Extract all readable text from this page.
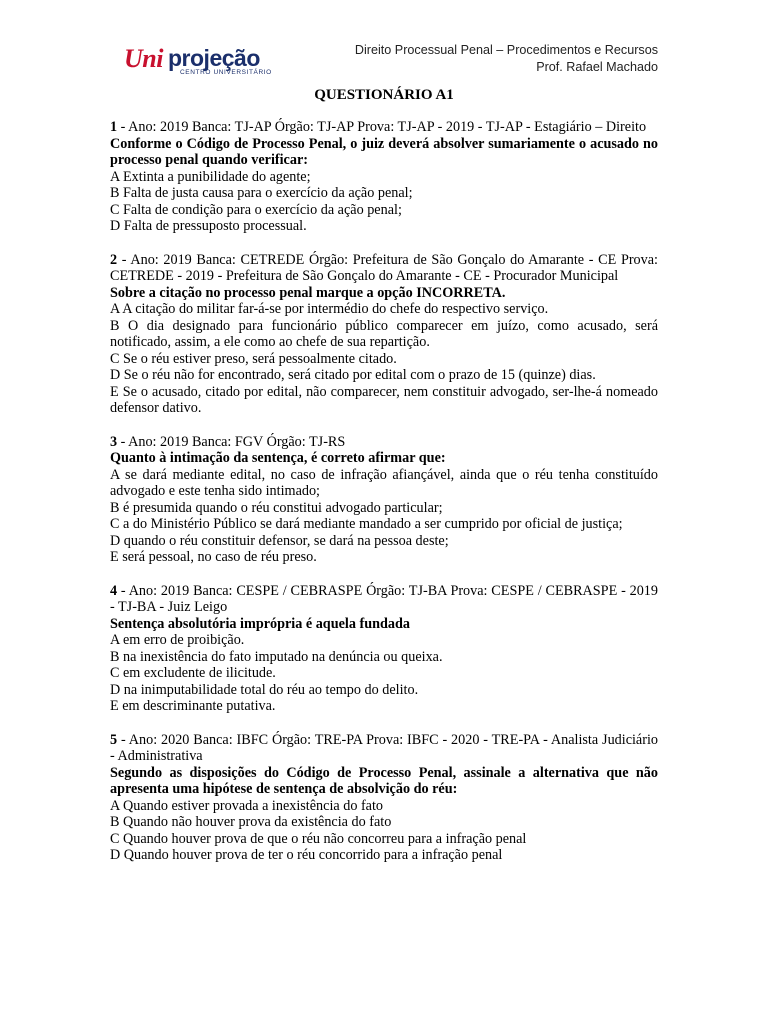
Uni projeção
CENTRO UNIVERSITÁRIO
Direito Processual Penal – Procedimentos e Recursos
Prof. Rafael Machado
QUESTIONÁRIO A1

1 - Ano: 2019 Banca: TJ-AP Órgão: TJ-AP Prova: TJ-AP - 2019 - TJ-AP - Estagiário – Direito

Conforme o Código de Processo Penal, o juiz deverá absolver sumariamente o acusado no processo penal quando verificar:

A Extinta a punibilidade do agente;

B Falta de justa causa para o exercício da ação penal;

C Falta de condição para o exercício da ação penal;

D Falta de pressuposto processual.

2 - Ano: 2019 Banca: CETREDE Órgão: Prefeitura de São Gonçalo do Amarante - CE Prova: CETREDE - 2019 - Prefeitura de São Gonçalo do Amarante - CE - Procurador Municipal

Sobre a citação no processo penal marque a opção INCORRETA.

A A citação do militar far-á-se por intermédio do chefe do respectivo serviço.

B O dia designado para funcionário público comparecer em juízo, como acusado, será notificado, assim, a ele como ao chefe de sua repartição.

C Se o réu estiver preso, será pessoalmente citado.

D Se o réu não for encontrado, será citado por edital com o prazo de 15 (quinze) dias.

E Se o acusado, citado por edital, não comparecer, nem constituir advogado, ser-lhe-á nomeado defensor dativo.

3 - Ano: 2019 Banca: FGV Órgão: TJ-RS

Quanto à intimação da sentença, é correto afirmar que:

A se dará mediante edital, no caso de infração afiançável, ainda que o réu tenha constituído advogado e este tenha sido intimado;

B é presumida quando o réu constitui advogado particular;

C a do Ministério Público se dará mediante mandado a ser cumprido por oficial de justiça;

D quando o réu constituir defensor, se dará na pessoa deste;

E será pessoal, no caso de réu preso.

4 - Ano: 2019 Banca: CESPE / CEBRASPE Órgão: TJ-BA Prova: CESPE / CEBRASPE - 2019 - TJ-BA - Juiz Leigo

Sentença absolutória imprópria é aquela fundada

A em erro de proibição.

B na inexistência do fato imputado na denúncia ou queixa.

C em excludente de ilicitude.

D na inimputabilidade total do réu ao tempo do delito.

E em descriminante putativa.

5 - Ano: 2020 Banca: IBFC Órgão: TRE-PA Prova: IBFC - 2020 - TRE-PA - Analista Judiciário - Administrativa

Segundo as disposições do Código de Processo Penal, assinale a alternativa que não apresenta uma hipótese de sentença de absolvição do réu:

A Quando estiver provada a inexistência do fato

B Quando não houver prova da existência do fato

C Quando houver prova de que o réu não concorreu para a infração penal

D Quando houver prova de ter o réu concorrido para a infração penal
